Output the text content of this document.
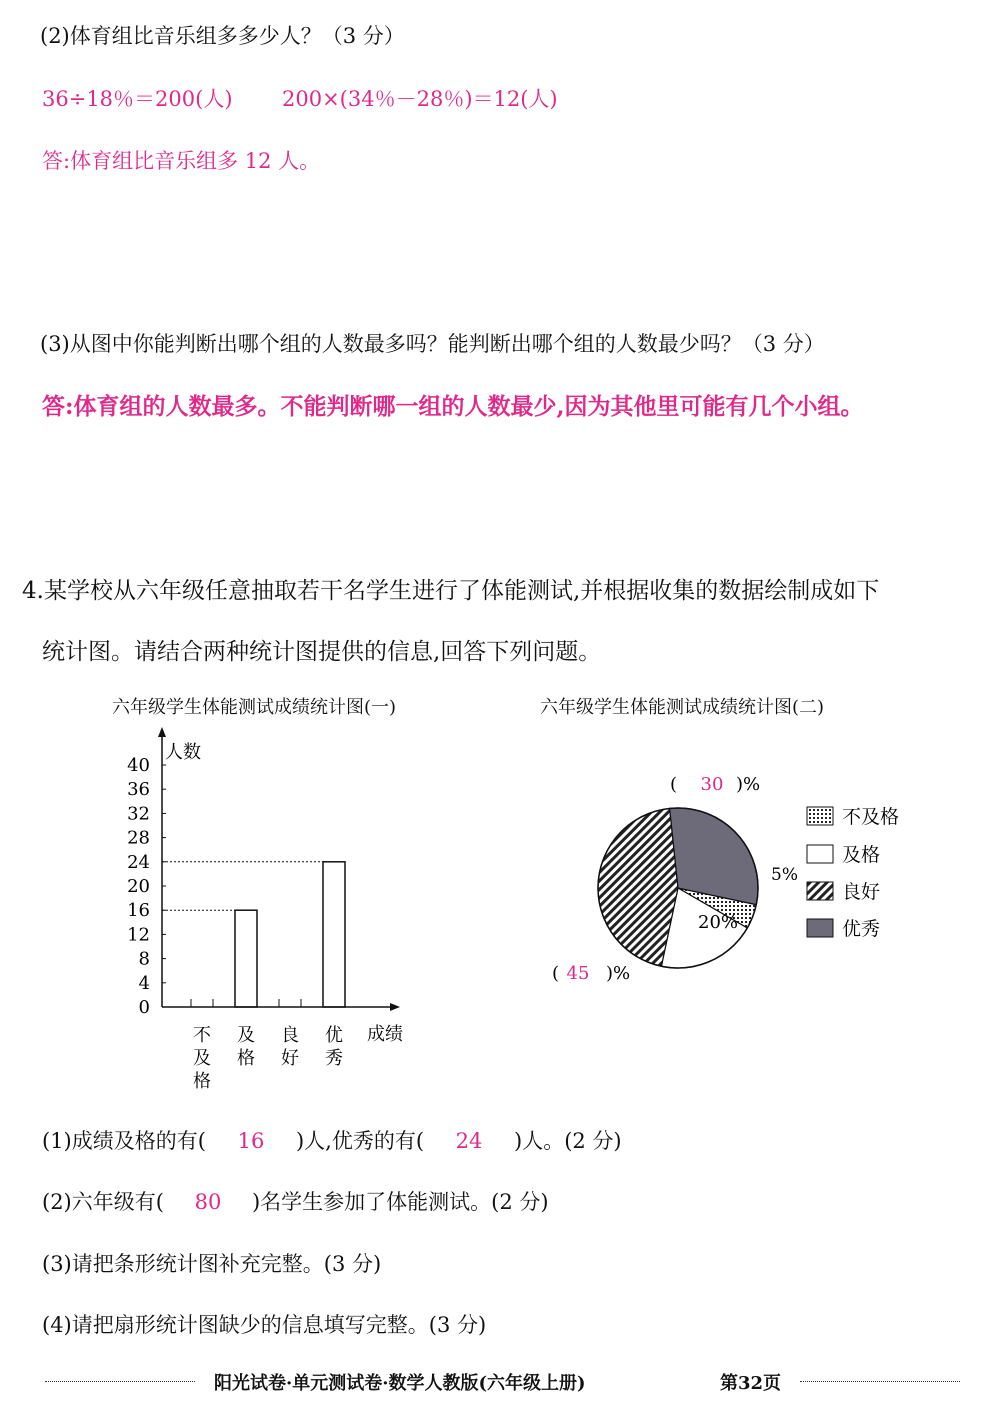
(2)体育组比音乐组多多少人？（3 分）
36÷18％＝200(人) 200×(34％－28％)＝12(人)
答:体育组比音乐组多 12 人。
(3)从图中你能判断出哪个组的人数最多吗？能判断出哪个组的人数最少吗？（3 分）
答:体育组的人数最多。不能判断哪一组的人数最少,因为其他里可能有几个小组。
4.某学校从六年级任意抽取若干名学生进行了体能测试,并根据收集的数据绘制成如下
统计图。请结合两种统计图提供的信息,回答下列问题。
六年级学生体能测试成绩统计图(一)
人数
0
4
8
12
16
20
24
28
32
36
40
不
及
格
及
格
良
好
优
秀
成绩
六年级学生体能测试成绩统计图(二)
( 30 )%
5%
20%
( 45 )%
不及格
及格
良好
优秀
(1)成绩及格的有( 16 )人,优秀的有( 24 )人。(2 分)
(2)六年级有( 80 )名学生参加了体能测试。(2 分)
(3)请把条形统计图补充完整。(3 分)
(4)请把扇形统计图缺少的信息填写完整。(3 分)
阳光试卷·单元测试卷·数学人教版(六年级上册)	第32页
